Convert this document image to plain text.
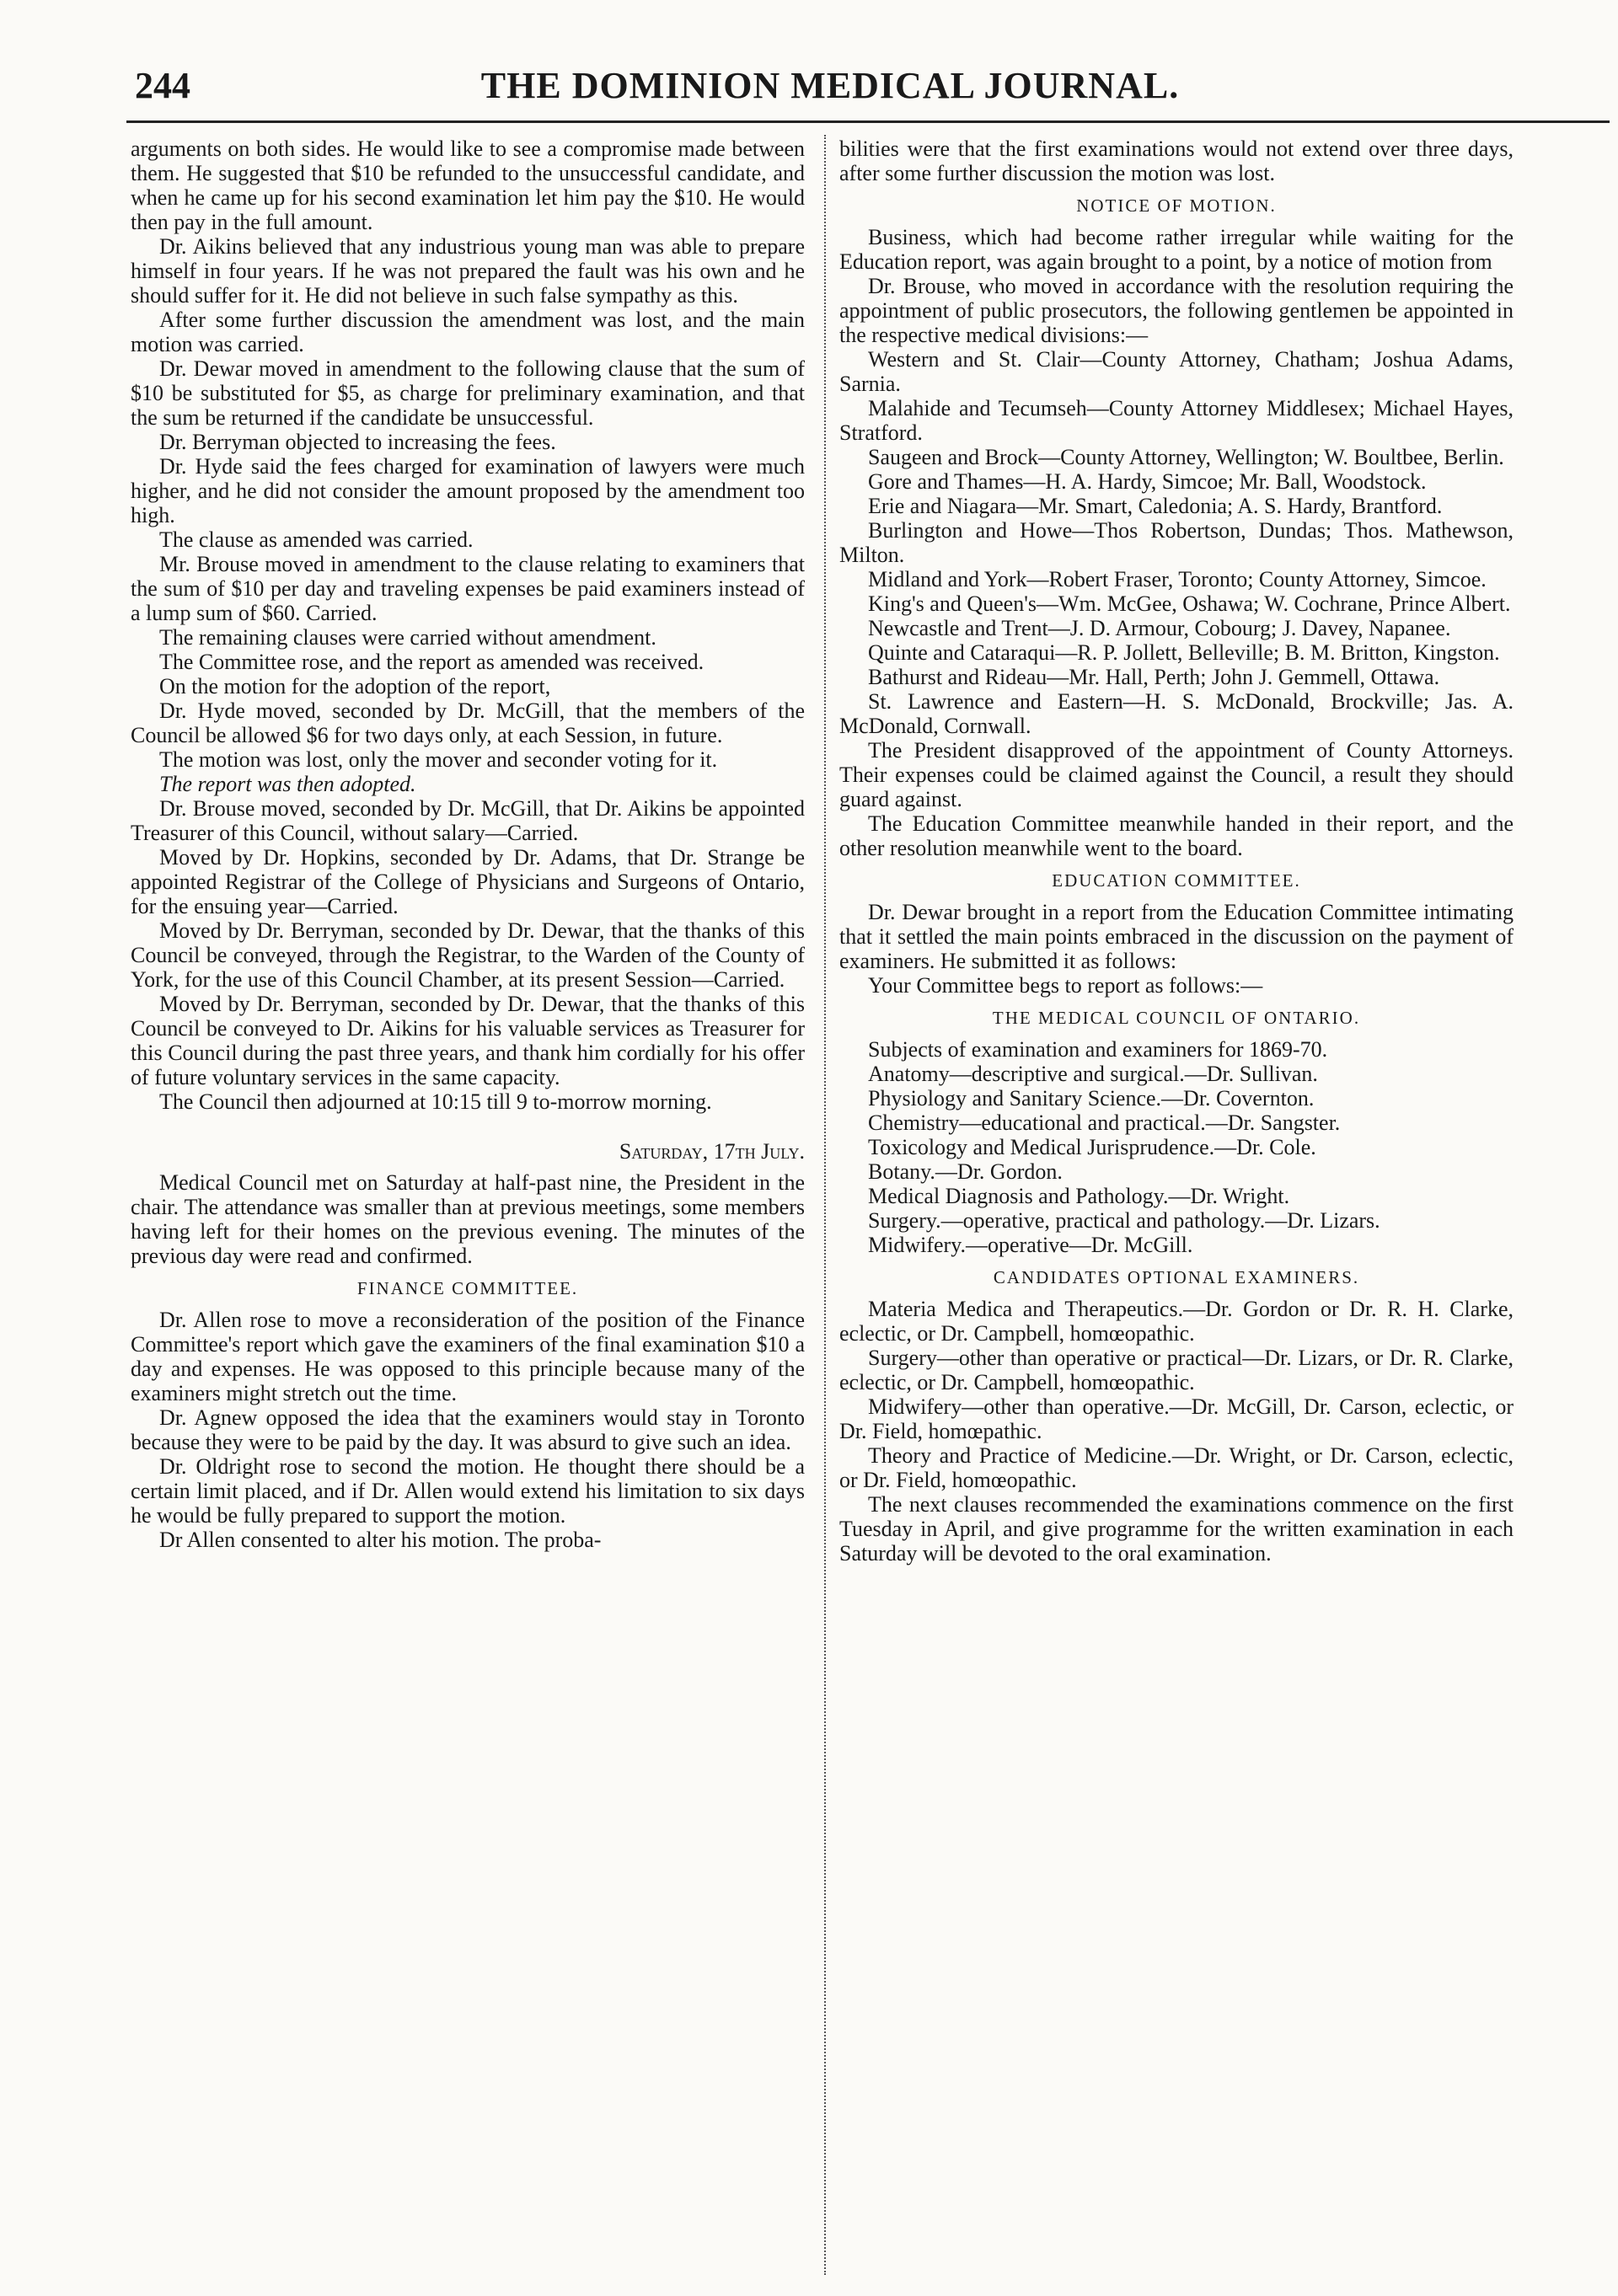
244	THE DOMINION MEDICAL JOURNAL.

arguments on both sides. He would like to see a compromise made between them. He suggested that $10 be refunded to the unsuccessful candidate, and when he came up for his second examination let him pay the $10. He would then pay in the full amount.

Dr. Aikins believed that any industrious young man was able to prepare himself in four years. If he was not prepared the fault was his own and he should suffer for it. He did not believe in such false sympathy as this.

After some further discussion the amendment was lost, and the main motion was carried.

Dr. Dewar moved in amendment to the following clause that the sum of $10 be substituted for $5, as charge for preliminary examination, and that the sum be returned if the candidate be unsuccessful.

Dr. Berryman objected to increasing the fees.

Dr. Hyde said the fees charged for examination of lawyers were much higher, and he did not consider the amount proposed by the amendment too high.

The clause as amended was carried.

Mr. Brouse moved in amendment to the clause relating to examiners that the sum of $10 per day and traveling expenses be paid examiners instead of a lump sum of $60. Carried.

The remaining clauses were carried without amendment.

The Committee rose, and the report as amended was received.

On the motion for the adoption of the report,

Dr. Hyde moved, seconded by Dr. McGill, that the members of the Council be allowed $6 for two days only, at each Session, in future.

The motion was lost, only the mover and seconder voting for it.

The report was then adopted.

Dr. Brouse moved, seconded by Dr. McGill, that Dr. Aikins be appointed Treasurer of this Council, without salary—Carried.

Moved by Dr. Hopkins, seconded by Dr. Adams, that Dr. Strange be appointed Registrar of the College of Physicians and Surgeons of Ontario, for the ensuing year—Carried.

Moved by Dr. Berryman, seconded by Dr. Dewar, that the thanks of this Council be conveyed, through the Registrar, to the Warden of the County of York, for the use of this Council Chamber, at its present Session—Carried.

Moved by Dr. Berryman, seconded by Dr. Dewar, that the thanks of this Council be conveyed to Dr. Aikins for his valuable services as Treasurer for this Council during the past three years, and thank him cordially for his offer of future voluntary services in the same capacity.

The Council then adjourned at 10:15 till 9 to-morrow morning.

Saturday, 17th July.

Medical Council met on Saturday at half-past nine, the President in the chair. The attendance was smaller than at previous meetings, some members having left for their homes on the previous evening. The minutes of the previous day were read and confirmed.

FINANCE COMMITTEE.

Dr. Allen rose to move a reconsideration of the position of the Finance Committee's report which gave the examiners of the final examination $10 a day and expenses. He was opposed to this principle because many of the examiners might stretch out the time.

Dr. Agnew opposed the idea that the examiners would stay in Toronto because they were to be paid by the day. It was absurd to give such an idea.

Dr. Oldright rose to second the motion. He thought there should be a certain limit placed, and if Dr. Allen would extend his limitation to six days he would be fully prepared to support the motion.

Dr Allen consented to alter his motion. The proba-

bilities were that the first examinations would not extend over three days, after some further discussion the motion was lost.

NOTICE OF MOTION.

Business, which had become rather irregular while waiting for the Education report, was again brought to a point, by a notice of motion from

Dr. Brouse, who moved in accordance with the resolution requiring the appointment of public prosecutors, the following gentlemen be appointed in the respective medical divisions:—

Western and St. Clair—County Attorney, Chatham; Joshua Adams, Sarnia.

Malahide and Tecumseh—County Attorney Middlesex; Michael Hayes, Stratford.

Saugeen and Brock—County Attorney, Wellington; W. Boultbee, Berlin.

Gore and Thames—H. A. Hardy, Simcoe; Mr. Ball, Woodstock.

Erie and Niagara—Mr. Smart, Caledonia; A. S. Hardy, Brantford.

Burlington and Howe—Thos Robertson, Dundas; Thos. Mathewson, Milton.

Midland and York—Robert Fraser, Toronto; County Attorney, Simcoe.

King's and Queen's—Wm. McGee, Oshawa; W. Cochrane, Prince Albert.

Newcastle and Trent—J. D. Armour, Cobourg; J. Davey, Napanee.

Quinte and Cataraqui—R. P. Jollett, Belleville; B. M. Britton, Kingston.

Bathurst and Rideau—Mr. Hall, Perth; John J. Gemmell, Ottawa.

St. Lawrence and Eastern—H. S. McDonald, Brockville; Jas. A. McDonald, Cornwall.

The President disapproved of the appointment of County Attorneys. Their expenses could be claimed against the Council, a result they should guard against.

The Education Committee meanwhile handed in their report, and the other resolution meanwhile went to the board.

EDUCATION COMMITTEE.

Dr. Dewar brought in a report from the Education Committee intimating that it settled the main points embraced in the discussion on the payment of examiners. He submitted it as follows:

Your Committee begs to report as follows:—

THE MEDICAL COUNCIL OF ONTARIO.

Subjects of examination and examiners for 1869-70.

Anatomy—descriptive and surgical.—Dr. Sullivan.

Physiology and Sanitary Science.—Dr. Covernton.

Chemistry—educational and practical.—Dr. Sangster.

Toxicology and Medical Jurisprudence.—Dr. Cole.

Botany.—Dr. Gordon.

Medical Diagnosis and Pathology.—Dr. Wright.

Surgery.—operative, practical and pathology.—Dr. Lizars.

Midwifery.—operative—Dr. McGill.

CANDIDATES OPTIONAL EXAMINERS.

Materia Medica and Therapeutics.—Dr. Gordon or Dr. R. H. Clarke, eclectic, or Dr. Campbell, homœopathic.

Surgery—other than operative or practical—Dr. Lizars, or Dr. R. Clarke, eclectic, or Dr. Campbell, homœopathic.

Midwifery—other than operative.—Dr. McGill, Dr. Carson, eclectic, or Dr. Field, homœpathic.

Theory and Practice of Medicine.—Dr. Wright, or Dr. Carson, eclectic, or Dr. Field, homœopathic.

The next clauses recommended the examinations commence on the first Tuesday in April, and give programme for the written examination in each Saturday will be devoted to the oral examination.
